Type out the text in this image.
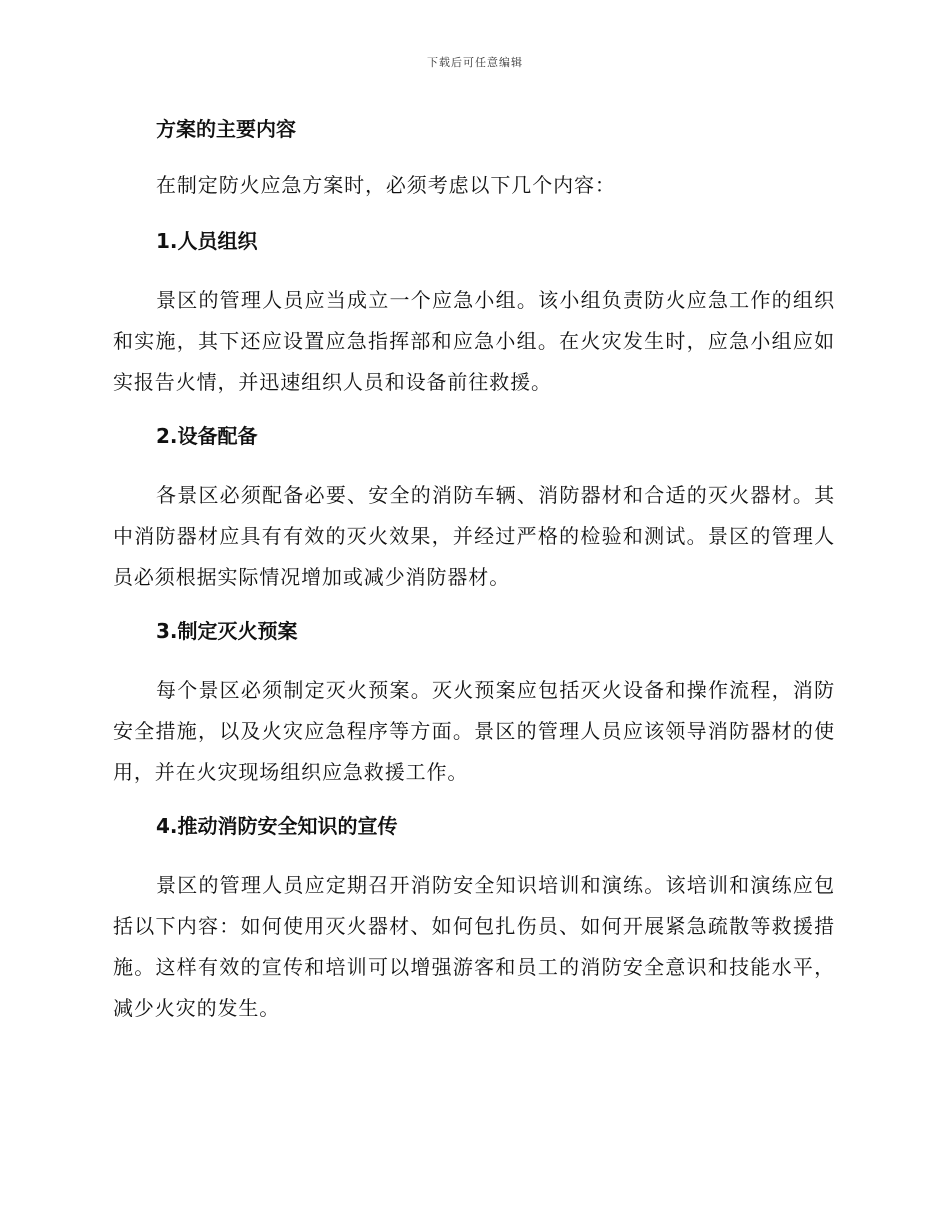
下载后可任意编辑
方案的主要内容

在制定防火应急方案时，必须考虑以下几个内容：

1.人员组织

景区的管理人员应当成立一个应急小组。该小组负责防火应急工作的组织和实施，其下还应设置应急指挥部和应急小组。在火灾发生时，应急小组应如实报告火情，并迅速组织人员和设备前往救援。

2.设备配备

各景区必须配备必要、安全的消防车辆、消防器材和合适的灭火器材。其中消防器材应具有有效的灭火效果，并经过严格的检验和测试。景区的管理人员必须根据实际情况增加或减少消防器材。

3.制定灭火预案

每个景区必须制定灭火预案。灭火预案应包括灭火设备和操作流程，消防安全措施，以及火灾应急程序等方面。景区的管理人员应该领导消防器材的使用，并在火灾现场组织应急救援工作。

4.推动消防安全知识的宣传

景区的管理人员应定期召开消防安全知识培训和演练。该培训和演练应包括以下内容：如何使用灭火器材、如何包扎伤员、如何开展紧急疏散等救援措施。这样有效的宣传和培训可以增强游客和员工的消防安全意识和技能水平，减少火灾的发生。
